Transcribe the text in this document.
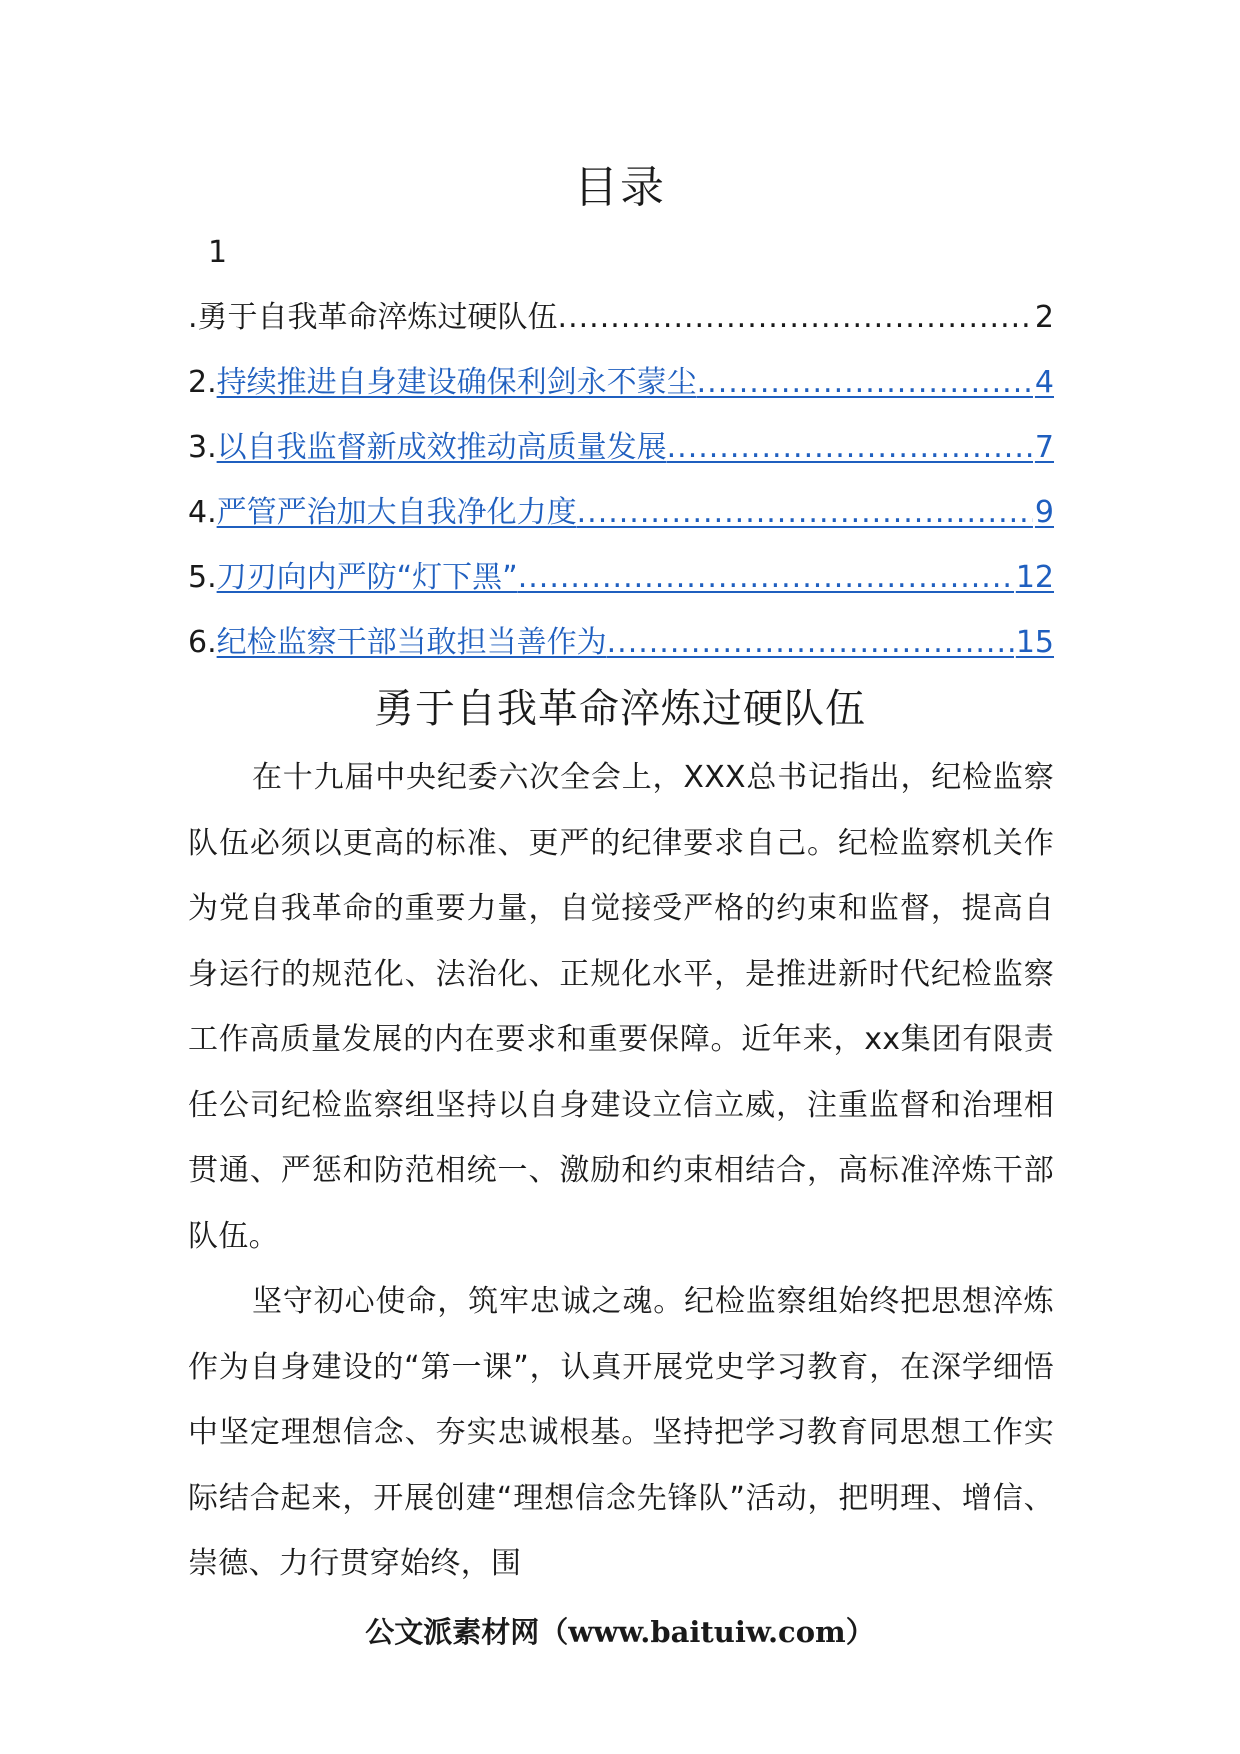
目录
1
.勇于自我革命淬炼过硬队伍 .....	2
2. 持续推进自身建设确保利剑永不蒙尘 .....	4
3. 以自我监督新成效推动高质量发展 .....	7
4. 严管严治加大自我净化力度 .....	9
5. 刀刃向内严防“灯下黑” .....	12
6. 纪检监察干部当敢担当善作为 .....	15
勇于自我革命淬炼过硬队伍

在十九届中央纪委六次全会上，XXX总书记指出，纪检监察队伍必须以更高的标准、更严的纪律要求自己。纪检监察机关作为党自我革命的重要力量，自觉接受严格的约束和监督，提高自身运行的规范化、法治化、正规化水平，是推进新时代纪检监察工作高质量发展的内在要求和重要保障。近年来，xx集团有限责任公司纪检监察组坚持以自身建设立信立威，注重监督和治理相贯通、严惩和防范相统一、激励和约束相结合，高标准淬炼干部队伍。

坚守初心使命，筑牢忠诚之魂。纪检监察组始终把思想淬炼作为自身建设的“第一课”，认真开展党史学习教育，在深学细悟中坚定理想信念、夯实忠诚根基。坚持把学习教育同思想工作实际结合起来，开展创建“理想信念先锋队”活动，把明理、增信、崇德、力行贯穿始终，围

公文派素材网（www.baituiw.com）
